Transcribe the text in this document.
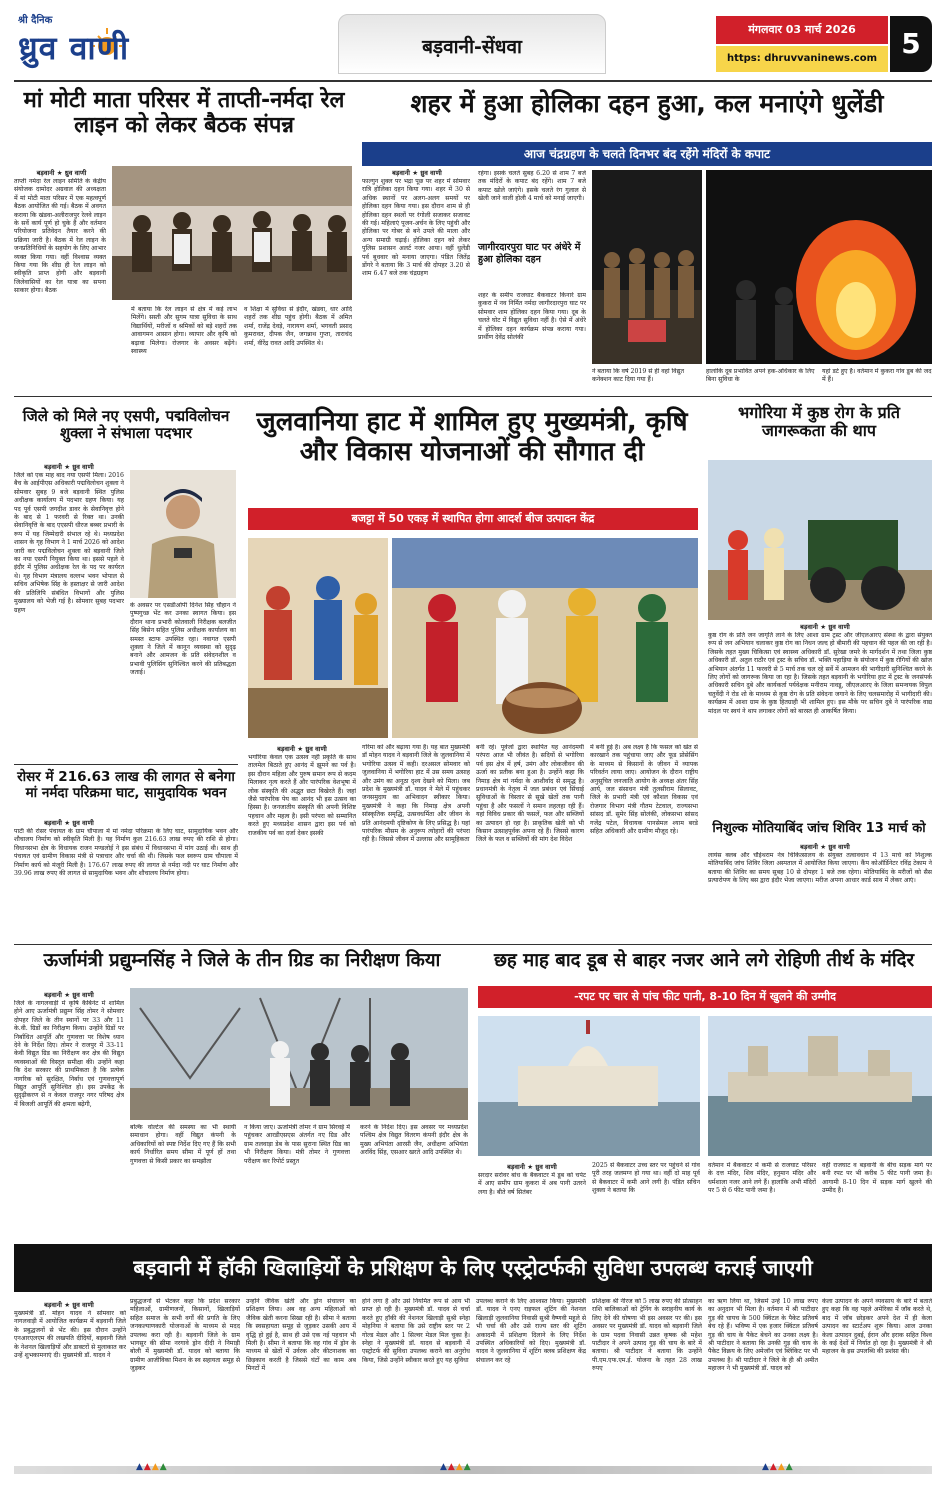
श्री दैनिक
ध्रुव वाणी	बड़वानी-सेंधवा
मंगलवार 03 मार्च 2026
https: dhruvvaninews.com 5
मां मोटी माता परिसर में ताप्ती-नर्मदा रेल लाइन को लेकर बैठक संपन्न
बड़वानी ★ ध्रुव वाणी
ताप्ती नर्मदा रेल लाइन समिति के केंद्रीय संयोजक दामोदर अग्रवाल की अध्यक्षता में मां मोटी माता परिसर में एक महत्वपूर्ण बैठक आयोजित की गई। बैठक में अवगत कराया कि खंडवा-अलीराजपुर रेलवे लाइन के सर्वे कार्य पूर्ण हो चुके हैं और वर्तमान परियोजना प्रतिवेदन तैयार करने की प्रक्रिया जारी है। बैठक में रेल लाइन के जनप्रतिनिधियों के सहयोग के लिए आभार व्यक्त किया गया। वहीं विश्वास व्यक्त किया गया कि शीघ्र ही रेल लाइन को स्वीकृति प्राप्त होगी और बड़वानी जिलेवासियों का रेल यात्रा का सपना साकार होगा। बैठक
में बताया कि रेल लाइन से क्षेत्र में कई लाभ मिलेंगे। सस्ती और सुगम यात्रा सुविधा के साथ विद्यार्थियों, मरीजों व श्रमिकों को बड़े शहरों तक आवागमन आसान होगा। व्यापार और कृषि को बढ़ावा मिलेगा। रोजगार के अवसर बढ़ेंगे। स्वास्थ्य
व शिक्षा में सुविधा से इंदौर, खंडवा, धार आदि शहरों तक शीघ्र पहुंच होगी। बैठक में अमित शर्मा, राजेंद्र देवड़े, नारायण शर्मा, भगवती प्रसाद कुमरावत, दीपक जैन, जगन्नाथ गुप्ता, ताराचंद शर्मा, वीरेंद्र रावत आदि उपस्थित थे।
शहर में हुआ होलिका दहन हुआ, कल मनाएंगे धुलेंडी
आज चंद्रग्रहण के चलते दिनभर बंद रहेंगे मंदिरों के कपाट
बड़वानी ★ ध्रुव वाणी
फाल्गुन शुक्ल पर भद्रा पूछ पर शहर में सोमवार रात्रि होलिका दहन किया गया। शहर में 30 से अधिक स्थानों पर अलग-अलग समयों पर होलिका दहन किया गया। इस दौरान शाम से ही होलिका दहन स्थलों पर रंगोली सजाकर सजावट की गई। महिलाएं पूजन-अर्चन के लिए पहुंची और होलिका पर गोबर से बने उपले की माला और अन्य समाग्री चढ़ाई। होलिका दहन को लेकर पुलिस प्रशासन अलर्ट नजर आया। वहीं धुलेंडी पर्व बुधवार को मनाया जाएगा। पंडित जितेंद्र डोंगरे ने बताया कि 3 मार्च की दोपहर 3.20 से शाम 6.47 बजे तक चंद्रग्रहण
रहेगा। इसके चलते सुबह 6.20 से शाम 7 बजे तक मंदिरों के कपाट बंद रहेंगे। शाम 7 बजे कपाट खोले जाएंगे। इसके चलते रंग गुलाल से खेली जाने वाली होली 4 मार्च को मनाई जाएगी।
जागीरदारपुरा घाट पर अंधेरे में हुआ होलिका दहन
शहर के समीप राजघाट बैकवाटर किनारे ग्राम कुकरा में नव निर्मित नर्मदा जागीरदारपुरा घाट पर सोमवार शाम होलिका दहन किया गया। दूब के चलते घोट में विद्युत सुविधा नहीं है। ऐसे में अंधेरे में होलिका दहन कार्यक्रम संपन्न कराया गया। प्रार्थीण देवेंद्र सोलंकी
ने बताया कि वर्ष 2019 से ही वहां विद्युत कनेक्शन काट दिया गया हैं।
हालांकि दूब प्रभावित अपने हक-अधिकार के लिए बिना सुविधा के
यहां डटे हुए है। वर्तमान में कुकरा गांव डूब की जद में हैं।
जिले को मिले नए एसपी, पद्मविलोचन शुक्ला ने संभाला पदभार
बड़वानी ★ ध्रुव वाणी
जिले को एक माह बाद नया एसपी मिला। 2016 बैच के आईपीएस अधिकारी पद्मविलोचन शुक्ला ने सोमवार सुबह 9 बजे बड़वानी स्थित पुलिस अधीक्षक कार्यालय में पदभार ग्रहण किया। यह पद पूर्व एसपी जगदीश डावर के सेवानिवृत्त होने के बाद से 1 फरवरी से रिक्त था। उनकी सेवानिवृत्ति के बाद एएसपी धीरज बब्बर प्रभारी के रूप में यह जिम्मेदारी संभाल रहे थे। मध्यप्रदेश शासन के गृह विभाग ने 1 मार्च 2026 को आदेश जारी कर पद्मविलोचन शुक्ला को बड़वानी जिले का नया एसपी नियुक्त किया था। इससे पहले वे इंदौर में पुलिस अधीक्षक रेल के पद पर कार्यरत थे। गृह विभाग मंत्रालय वल्लभ भवन भोपाल से सचिव अभिषेक सिंह के हस्ताक्षर से जारी आदेश की प्रतिलिपि संबंधित विभागों और पुलिस मुख्यालय को भेजी गई है। सोमवार सुबह पदभार ग्रहण
के अवसर पर एसडीओपी दिनेश सिंह चौहान ने पुष्पगुच्छ भेंट कर उनका स्वागत किया। इस दौरान थाना प्रभारी कोतवाली निरीक्षक बलजीत सिंह बिसेन सहित पुलिस अधीक्षक कार्यालय का समस्त स्टाफ उपस्थित रहा। नवागत एसपी शुक्ला ने जिले में कानून व्यवस्था को सुदृढ़ बनाने और आमजन के प्रति संवेदनशील व प्रभावी पुलिसिंग सुनिश्चित करने की प्रतिबद्धता जताई।
रोसर में 216.63 लाख की लागत से बनेगा मां नर्मदा परिक्रमा घाट, सामुदायिक भवन
बड़वानी ★ ध्रुव वाणी
पाटी की रोसर पंचायत के ग्राम चौपाला में मां नर्मदा परिक्रमा के लिए घाट, सामुदायिक भवन और शौचालय निर्माण को स्वीकृति मिली है। यह निर्माण कुल 216.63 लाख रुपए की राशि से होगा। विधानसभा क्षेत्र के विधायक राजन मण्डलोई ने इस संबंध में विधानसभा में मांग उठाई थी। साथ ही पंचायत एवं ग्रामीण विकास मंत्री से पत्राचार और चर्चा की थी। जिसके फल स्वरूप ग्राम चौपाला में निर्माण कार्य को मंजूरी मिली है। 176.67 लाख रुपए की लागत से नर्मदा नदी पर घाट निर्माण और 39.96 लाख रुपए की लागत से सामुदायिक भवन और शौचालय निर्माण होगा।
जुलवानिया हाट में शामिल हुए मुख्यमंत्री, कृषि और विकास योजनाओं की सौगात दी
बजट्टा में 50 एकड़ में स्थापित होगा आदर्श बीज उत्पादन केंद्र
बड़वानी ★ ध्रुव वाणी
भगोरिया केवल एक उत्सव नहीं प्रकृति के साथ तालमेल बिठाते हुए आनंद में झूमने का पर्व है। इस दौरान महिला और पुरुष समान रूप से कदम मिलाकर नृत्य करते हैं और पारंपरिक वेशभूषा में लोक संस्कृति की अद्भुत छटा बिखेरते हैं। जहां जैसे पारंपरिक पेय का आनंद भी इस उत्सव का हिस्सा है। जनजातीय संस्कृति की अपनी विशिष्ट पहचान और महत्व है। इसी परंपरा को सम्मानित करते हुए मध्यप्रदेश शासन द्वारा इस पर्व को राजकीय पर्व का दर्जा देकर इसकी
गरिमा को और बढ़ाया गया है। यह बात मुख्यमंत्री डॉ मोहन यादव ने बड़वानी जिले के जुलवानिया में भगोरिया उत्सव में कही। दरअसल सोमवार को जुलवानिया में भगोरिया हाट में उस समय उत्साह और उमंग का अनूठा दृश्य देखने को मिला। जब प्रदेश के मुख्यमंत्री डॉ. यादव ने मेले में पहुंचकर जनसमुदाय का अभिवादन स्वीकार किया। मुख्यमंत्री ने कहा कि निमाड़ क्षेत्र अपनी सांस्कृतिक समृद्धि, उत्सवधर्मिता और जीवन के प्रति आनंदमयी दृष्टिकोण के लिए प्रसिद्ध है। यहां पारंपरिक मौसम के अनुरूप त्योहारों की परंपरा रही है। जिससे जीवन में उल्लास और सामूहिकता
बनी रहे। पूर्वजों द्वारा स्थापित यह आनंदमयी परंपरा आज भी जीवंत है। सदियों से भगोरिया पर्व इस क्षेत्र में हर्ष, उमंग और लोकजीवन की ऊर्जा का प्रतीक बना हुआ है। उन्होंने कहा कि निमाड़ क्षेत्र मां नर्मदा के आशीर्वाद से समृद्ध है। प्रधानमंत्री के नेतृत्व में जल प्रबंधन एवं सिंचाई सुविधाओं के विस्तार से सूखे खेतों तक पानी पहुंचा है और फसलों ने समान लहलहा रही हैं। यहां विविध प्रकार की फसलें, फल और सब्जियों का उत्पादन हो रहा है। प्राकृतिक खेती को भी किसान उत्साहपूर्वक अपना रहे हैं। जिससे कारण जिले के फल व सब्जियों की मांग देश विदेश
में बनी हुई है। अब लक्ष्य है कि फसल को खेत से कारखाने तक पहुंचाया जाए और फूड प्रोसेसिंग के माध्यम से किसानों के जीवन में व्यापक परिवर्तन लाया जाए। आयोजन के दौरान राष्ट्रीय अनुसूचित जनजाति आयोग के अध्यक्ष अंतर सिंह आर्य, जल संसाधन मंत्री तुलसीराम सिलावट, जिले के प्रभारी मंत्री एवं कौशल विकास एवं रोजगार विभाग मंत्री गौतम टेटवाल, राज्यसभा सांसद डॉ. सुमेर सिंह सोलंकी, लोकसभा सांसद गजेंद्र पटेल, विधायक पानसेमल श्याम बरडे सहित अधिकारी और ग्रामीण मौजूद रहे।
भगोरिया में कुष्ठ रोग के प्रति जागरूकता की थाप
बड़वानी ★ ध्रुव वाणी
कुष्ठ रोग के प्रति जन जागृति लाने के लिए आशा ग्राम ट्रस्ट और जीएलआरए संस्था के द्वारा संयुक्त रूप से जन अभियान चलाकर कुष्ठ रोग का निधन जल्द हो बीमारी की पहचान की पहल की जा रही है। जिसके तहत मुख्य चिकित्सा एवं स्वास्थ्य अधिकारी डॉ. सुरेखा जमरे के मार्गदर्शन में तथा जिला कुष्ठ अधिकारी डॉ. अतुल राठौर एवं ट्रस्ट के सचिव डॉ. भक्ति पहाड़िया के संयोजन में कुष्ठ रोगियों की खोज अभियान अंतर्गत 11 फरवरी से 5 मार्च तक चल रहे सर्वे में आमजन की भागीदारी सुनिश्चित करने के लिए लोगों को जागरूक किया जा रहा है। जिसके तहत बड़वानी के भगोरिया हाट में ट्रस्ट के जनसंपर्क अधिकारी सचिन दुबे और कार्यकर्ता पर्यवेक्षक मनीराम नावडू, जीएलआरए के जिला समन्वयक विपुल चतुर्वेदी ने रोड शो के माध्यम से कुष्ठ रोग के प्रति संवेदना जगाने के लिए चलसमारोह में भागीदारी की। कार्यक्रम में आशा ग्राम के कुष्ठ हितग्राही भी शामिल हुए। इस मौके पर सचिन दुबे ने पारंपरिक वाद्य मांदल पर स्वयं ने थाप लगाकर लोगों को बारस्त ही आकर्षित किया।
निशुल्क मोतियाबिंद जांच शिविर 13 मार्च को
बड़वानी ★ ध्रुव वाणी
लायंस क्लब और चौईथराम नेत्र चिकित्सालय के संयुक्त तत्वावधान में 13 मार्च को निशुल्क मोतियाबिंद जांच शिविर जिला अस्पताल में आयोजित किया जाएगा। कैंप कोऑर्डिनेटर रविंद्र टेकाम ने बताया की शिविर का समय सुबह 10 से दोपहर 1 बजे तक रहेगा। मोतियाबिंद के मरीजों को सैस प्रत्यारोपण के लिए बस द्वारा इंदौर भेजा जाएगा। मरीज अपना आधार कार्ड साथ में लेकर आएं।
ऊर्जामंत्री प्रद्युम्नसिंह ने जिले के तीन ग्रिड का निरीक्षण किया
बड़वानी ★ ध्रुव वाणी
जिले के नागलवाड़ी में कृषि कैबिनेट में शामिल होने आए ऊर्जामंत्री प्रद्युम्न सिंह तोमर ने सोमवार दोपहर जिले के तीन स्थानों पर 33 और 11 के.वी. ग्रिडों का निरीक्षण किया। उन्होंने ग्रिडों पर निर्बाधित आपूर्ति और गुणवत्ता पर विशेष ध्यान देने के निर्देश दिए। तोमर ने राजपुर में 33-11 केवी विद्युत ग्रिड का निरीक्षण कर क्षेत्र की विद्युत व्यवस्थाओं की विस्तृत समीक्षा की। उन्होंने कहा कि देश सरकार की प्राथमिकता है कि प्रत्येक नागरिक को सुरक्षित, निर्बाध एवं गुणवत्तापूर्ण विद्युत आपूर्ति सुनिश्चित हो। इस उपकेंद्र के सुदृढ़ीकरण से न केवल राजपुर नगर परिषद क्षेत्र में बिजली आपूर्ति की क्षमता बढ़ेगी,
बल्कि वोल्टेज की समस्या का भी स्थायी समाधान होगा। वहीं विद्युत कंपनी के अधिकारियों को स्पष्ट निर्देश दिए गए हैं कि सभी कार्य निर्धारित समय सीमा में पूर्ण हों तथा गुणवत्ता से किसी प्रकार का समझौता
न किया जाए। ऊर्जामंत्री तोमर ने ग्राम सिरवई में पहुंचकर आरडीएसएस अंतर्गत नए ग्रिड और ग्राम तलवाड़ा डेब के पास सुराना स्थित ग्रिड का भी निरीक्षण किया। मंत्री तोमर ने गुणवत्ता परीक्षण कर रिपोर्ट प्रस्तुत
करने के निर्देश दिए। इस अवसर पर मध्यप्रदेश पश्चिम क्षेत्र विद्युत वितरण कंपनी इंदौर क्षेत्र के मुख्य अभियंता आरसी जैन, अधीक्षण अभियंता अरविंद सिंह, एसआर खरते आदि उपस्थित थे।
छह माह बाद डूब से बाहर नजर आने लगे रोहिणी तीर्थ के मंदिर
-रपट पर चार से पांच फीट पानी, 8-10 दिन में खुलने की उम्मीद
बड़वानी ★ ध्रुव वाणी
सरदार सरोवर बांध के बैकवाटर में डूब को चपेट में आए समीप ग्राम कुकरा में अब पानी उतरने लगा है। बीते वर्ष सितंबर
2025 से बैकवाटर उच्च स्तर पर पहुंचने से गांव पूरी तरह जलमग्न हो गया था। वहीं दो माह पूर्व से बैकवाटर में कमी आने लगी है। पंडित सचिन शुक्ला ने बताया कि
वर्तमान में बैकवाटर में कमी से राजघाट परिसर के दत्त मंदिर, शिव मंदिर, हनुमान मंदिर और धर्मशाला नजर आने लगे हैं। हालांकि अभी मंदिरों पर 5 से 6 फीट पानी जमा है।
वहीं राजघाट व बड़वानी के बीच सड़क मार्ग पर बनी रपट पर भी करीब 5 फीट पानी जमा है। आगामी 8-10 दिन में सड़क मार्ग खुलने की उम्मीद है।
बड़वानी में हॉकी खिलाड़ियों के प्रशिक्षण के लिए एस्ट्रोटर्फकी सुविधा उपलब्ध कराई जाएगी
बड़वानी ★ ध्रुव वाणी
मुख्यमंत्री डॉ. मोहन यादव ने सोमवार को नागलवाड़ी में आयोजित कार्यक्रम में बड़वानी जिले के प्रबुद्धजनों से भेंट की। इस दौरान उन्होंने एनआरएलएम की लखपति दीदियों, बड़वानी जिले के नेशनल खिलाड़ियों और डाक्टरों से मुलाकात कर उन्हें शुभकामनाएं दी। मुख्यमंत्री डॉ. यादव ने
प्रबुद्धजनों से भेंटकर कहा कि प्रदेश सरकार महिलाओं, ग्रामीणजनों, किसानों, खिलाड़ियों सहित समाज के सभी वर्गों की प्रगति के लिए जनकल्याणकारी योजनाओं के माध्यम से मदद उपलब्ध करा रही है। बड़वानी जिले के ग्राम भागसुर की सीमा नरगावे ड्रोन दीदी ने निमाड़ी बोली में मुख्यमंत्री डॉ. यादव को बताया कि ग्रामीण आजीविका मिशन के स्व सहायता समूह से जुड़कर
उन्होंने जैविक खेती और ड्रोन संचालन का प्रशिक्षण लिया। अब वह अन्य महिलाओं को जैविक खेती करना सिखा रही है। सीमा ने बताया कि स्वसहायता समूह से जुड़कर उसकी आय में वृद्धि हो हुई है, साथ ही उसे एक नई पहचान भी मिली है। सीमा ने बताया कि वह गांव में ड्रोन के माध्यम से खेतों में उर्वरक और कीटनाशक का छिड़काव करती है जिससे घंटों का काम अब मिनटों में
होने लगा है और उसे नियमित रूप से आय भी प्राप्त हो रही है। मुख्यमंत्री डॉ. यादव से चर्चा करते हुए हॉकी की नेशनल खिलाड़ी सुश्री स्नेहा मोहनिया ने बताया कि उसे राष्ट्रीय स्तर पर 2 गोल्ड मेडल और 1 सिल्वर मेडल मिल चुका है। स्नेहा ने मुख्यमंत्री डॉ. यादव से बड़वानी में एस्ट्रोटर्फ की सुविधा उपलब्ध कराने का अनुरोध किया, जिसे उन्होंने स्वीकार करते हुए यह सुविधा
उपलब्ध कराने के लिए आश्वस्त किया। मुख्यमंत्री डॉ. यादव ने एनए राइफल शूटिंग की नेशनल खिलाड़ी जुलवानिया निवासी सुश्री वैष्णवी महूले से भी चर्चा की और उसे राज्य स्तर की शूटिंग अकादमी में प्रशिक्षण दिलाने के लिए निर्देश उपस्थित अधिकारियों को दिए। मुख्यमंत्री डॉ. यादव ने जुलवानिया में शूटिंग क्लब प्रशिक्षण केंद्र संचालन कर रहे
प्रशिक्षक श्री नीरज को 5 लाख रुपए की प्रोत्साहन राशि बालिकाओं को ट्रेनिंग के सराहनीय कार्य के लिए देने की घोषणा भी इस अवसर पर की। इस अवसर पर मुख्यमंत्री डॉ. यादव को बड़वानी जिले के ग्राम पदवा निवासी उन्नत कृषक श्री महेश पाटीदार ने अपने उत्पाद गुड़ की चाय के बारे में बताया। श्री पाटीदार ने बताया कि उन्होंने पी.एम.एफ.एम.ई. योजना के तहत 28 लाख रुपए
का ऋण लिया था, जिसमें उन्हें 10 लाख रुपए का अनुदान भी मिला है। वर्तमान में श्री पाटीदार गुड़ की चायच के 500 क्विंटल के पैकेट प्रतिवर्ष बेच रहे हैं। भविष्य में एक हजार क्विंटल प्रतिवर्ष गुड़ की चाय के पैकेट बेचने का उनका लक्ष्य है। श्री पाटीदार ने बताया कि उनकी गुड़ की चाय के पैकेट विक्रय के लिए अमेजॉन एवं ब्लिंकिट पर भी उपलब्ध है। श्री पाटीदार ने जिले के ही श्री अमीत महाजन ने भी मुख्यमंत्री डॉ. यादव को
केला उत्पादन के अपने व्यवसाय के बारे में बताते हुए कहा कि वह पहले अमेरिका में जॉब करते थे, बाद में जॉब छोड़कर अपने देश में ही केला उत्पादन का स्टार्टअप शुरू किया। आज उनका केला उत्पादन दुबई, ईरान और इराक सहित विश्व के कई देशों में निर्यात हो रहा है। मुख्यमंत्री ने श्री महाजन के इस उपलब्धि की प्रशंसा की।
▲▲▲▲	▲▲▲▲	▲▲▲▲
